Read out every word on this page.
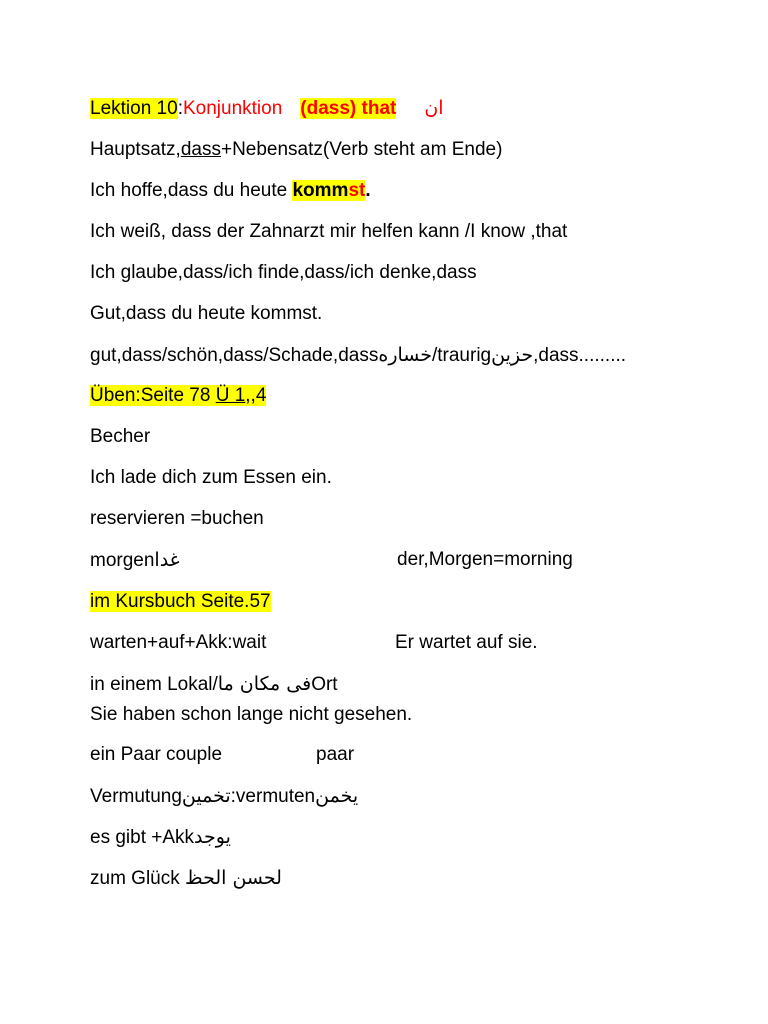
Lektion 10:Konjunktion (dass) that ان
Hauptsatz,dass+Nebensatz(Verb steht am Ende)
Ich hoffe,dass du heute kommst.
Ich weiß, dass der Zahnarzt mir helfen kann /I know ,that
Ich glaube,dass/ich finde,dass/ich denke,dass
Gut,dass du heute kommst.
gut,dass/schön,dass/Schade,dassخساره/traurigحزين,dass.........
Üben:Seite 78 Ü 1,,4
Becher
Ich lade dich zum Essen ein.
reservieren =buchen
morgenغدا	der,Morgen=morning
im Kursbuch Seite.57
warten+auf+Akk:wait	Er wartet auf sie.
in einem Lokal/فى مكان ماOrt
Sie haben schon lange nicht gesehen.
ein Paar couple	paar
Vermutungتخمين:vermutenيخمن
es gibt +Akkيوجد
zum Glück لحسن الحظ
